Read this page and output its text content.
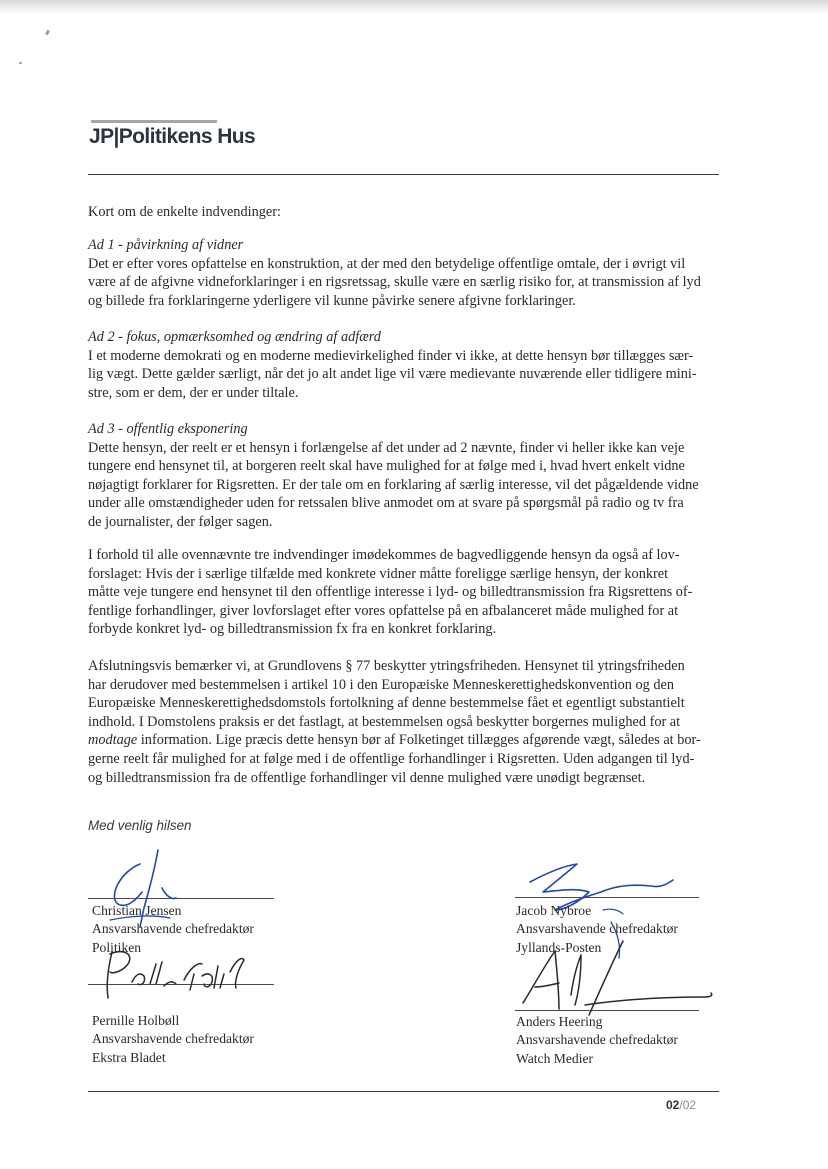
JP|Politikens Hus
Kort om de enkelte indvendinger:
Ad 1 - påvirkning af vidner
Det er efter vores opfattelse en konstruktion, at der med den betydelige offentlige omtale, der i øvrigt vil
være af de afgivne vidneforklaringer i en rigsretssag, skulle være en særlig risiko for, at transmission af lyd
og billede fra forklaringerne yderligere vil kunne påvirke senere afgivne forklaringer.
Ad 2 - fokus, opmærksomhed og ændring af adfærd
I et moderne demokrati og en moderne medievirkelighed finder vi ikke, at dette hensyn bør tillægges sær-
lig vægt. Dette gælder særligt, når det jo alt andet lige vil være medievante nuværende eller tidligere mini-
stre, som er dem, der er under tiltale.
Ad 3 - offentlig eksponering
Dette hensyn, der reelt er et hensyn i forlængelse af det under ad 2 nævnte, finder vi heller ikke kan veje
tungere end hensynet til, at borgeren reelt skal have mulighed for at følge med i, hvad hvert enkelt vidne
nøjagtigt forklarer for Rigsretten. Er der tale om en forklaring af særlig interesse, vil det pågældende vidne
under alle omstændigheder uden for retssalen blive anmodet om at svare på spørgsmål på radio og tv fra
de journalister, der følger sagen.
I forhold til alle ovennævnte tre indvendinger imødekommes de bagvedliggende hensyn da også af lov-
forslaget: Hvis der i særlige tilfælde med konkrete vidner måtte foreligge særlige hensyn, der konkret
måtte veje tungere end hensynet til den offentlige interesse i lyd- og billedtransmission fra Rigsrettens of-
fentlige forhandlinger, giver lovforslaget efter vores opfattelse på en afbalanceret måde mulighed for at
forbyde konkret lyd- og billedtransmission fx fra en konkret forklaring.
Afslutningsvis bemærker vi, at Grundlovens § 77 beskytter ytringsfriheden. Hensynet til ytringsfriheden
har derudover med bestemmelsen i artikel 10 i den Europæiske Menneskerettighedskonvention og den
Europæiske Menneskerettighedsdomstols fortolkning af denne bestemmelse fået et egentligt substantielt
indhold. I Domstolens praksis er det fastlagt, at bestemmelsen også beskytter borgernes mulighed for at
modtage information. Lige præcis dette hensyn bør af Folketinget tillægges afgørende vægt, således at bor-
gerne reelt får mulighed for at følge med i de offentlige forhandlinger i Rigsretten. Uden adgangen til lyd-
og billedtransmission fra de offentlige forhandlinger vil denne mulighed være unødigt begrænset.
Med venlig hilsen
Christian Jensen
Ansvarshavende chefredaktør
Politiken
Jacob Nybroe
Ansvarshavende chefredaktør
Jyllands-Posten
Pernille Holbøll
Ansvarshavende chefredaktør
Ekstra Bladet
Anders Heering
Ansvarshavende chefredaktør
Watch Medier
02/02
